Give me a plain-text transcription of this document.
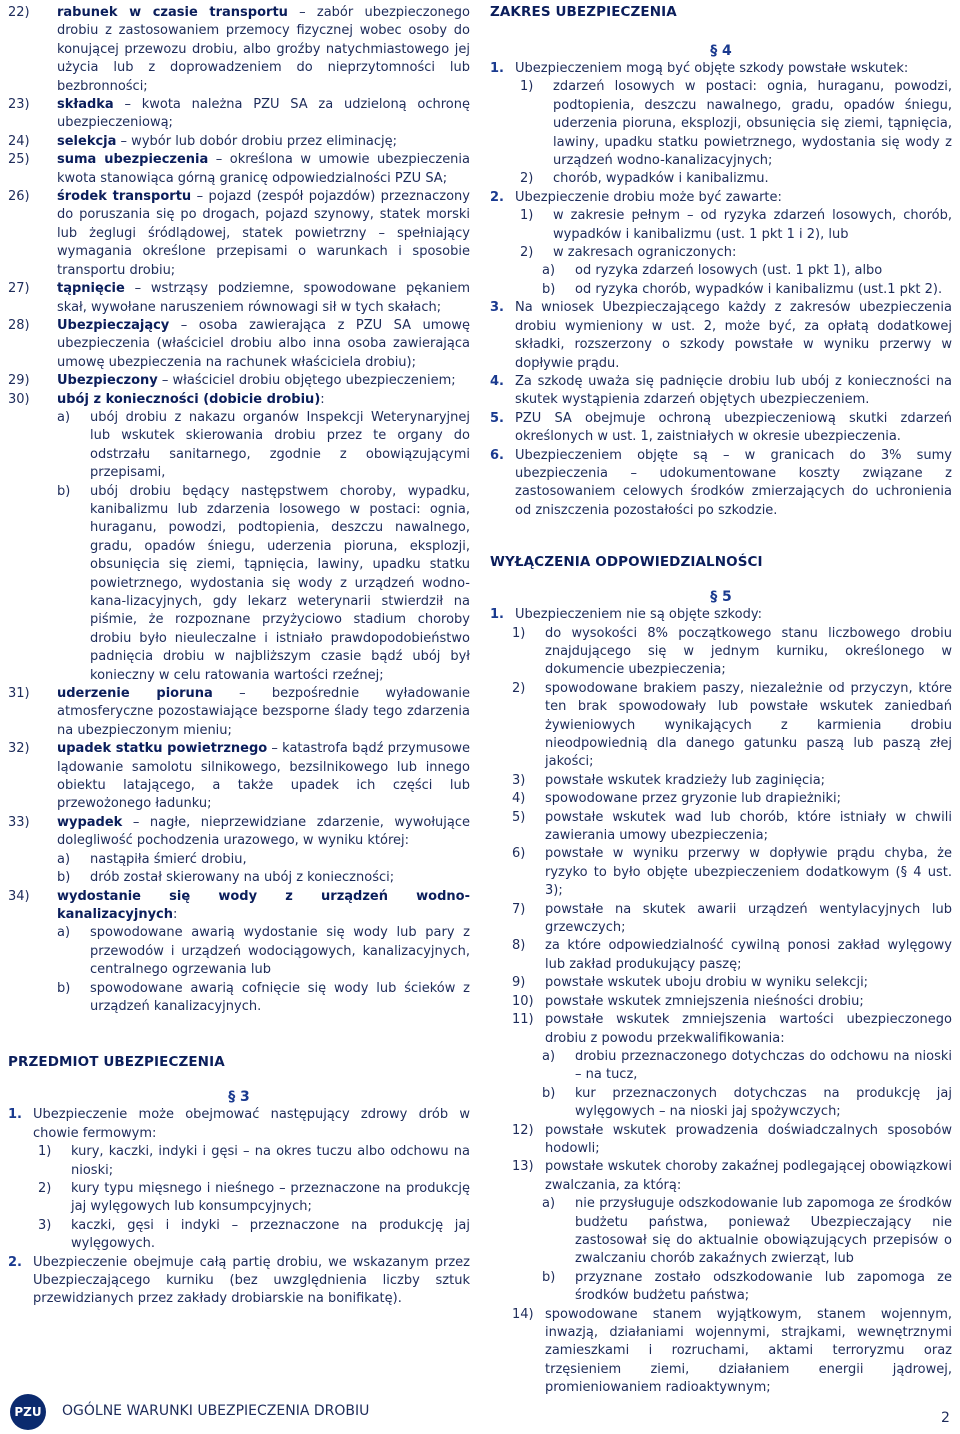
22)	rabunek w czasie transportu – zabór ubezpieczonego drobiu z zastosowaniem przemocy fizycznej wobec osoby do konującej przewozu drobiu, albo groźby natychmiastowego jej użycia lub z doprowadzeniem do nieprzytomności lub bezbronności;
23)	składka – kwota należna PZU SA za udzieloną ochronę ubezpieczeniową;
24)	selekcja – wybór lub dobór drobiu przez eliminację;
25)	suma ubezpieczenia – określona w umowie ubezpieczenia kwota stanowiąca górną granicę odpowiedzialności PZU SA;
26)	środek transportu – pojazd (zespół pojazdów) przeznaczony do poruszania się po drogach, pojazd szynowy, statek morski lub żeglugi śródlądowej, statek powietrzny – spełniający wymagania określone przepisami o warunkach i sposobie transportu drobiu;
27)	tąpnięcie – wstrząsy podziemne, spowodowane pękaniem skał, wywołane naruszeniem równowagi sił w tych skałach;
28)	Ubezpieczający – osoba zawierająca z PZU SA umowę ubezpieczenia (właściciel drobiu albo inna osoba zawierająca umowę ubezpieczenia na rachunek właściciela drobiu);
29)	Ubezpieczony – właściciel drobiu objętego ubezpieczeniem;
30)	ubój z konieczności (dobicie drobiu):
a)	ubój drobiu z nakazu organów Inspekcji Weterynaryjnej lub wskutek skierowania drobiu przez te organy do odstrzału sanitarnego, zgodnie z obowiązującymi przepisami,
b)	ubój drobiu będący następstwem choroby, wypadku, kanibalizmu lub zdarzenia losowego w postaci: ognia, huraganu, powodzi, podtopienia, deszczu nawalnego, gradu, opadów śniegu, uderzenia pioruna, eksplozji, obsunięcia się ziemi, tąpnięcia, lawiny, upadku statku powietrznego, wydostania się wody z urządzeń wodno-kana-lizacyjnych, gdy lekarz weterynarii stwierdził na piśmie, że rozpoznane przyżyciowo stadium choroby drobiu było nieuleczalne i istniało prawdopodobieństwo padnięcia drobiu w najbliższym czasie bądź ubój był konieczny w celu ratowania wartości rzeźnej;
31)	uderzenie pioruna – bezpośrednie wyładowanie atmosferyczne pozostawiające bezsporne ślady tego zdarzenia na ubezpieczonym mieniu;
32)	upadek statku powietrznego – katastrofa bądź przymusowe lądowanie samolotu silnikowego, bezsilnikowego lub innego obiektu latającego, a także upadek ich części lub przewożonego ładunku;
33)	wypadek – nagłe, nieprzewidziane zdarzenie, wywołujące dolegliwość pochodzenia urazowego, w wyniku której:
a)	nastąpiła śmierć drobiu,
b)	drób został skierowany na ubój z konieczności;
34)	wydostanie się wody z urządzeń wodno-kanalizacyjnych:
a)	spowodowane awarią wydostanie się wody lub pary z przewodów i urządzeń wodociągowych, kanalizacyjnych, centralnego ogrzewania lub
b)	spowodowane awarią cofnięcie się wody lub ścieków z urządzeń kanalizacyjnych.
PRZEDMIOT UBEZPIECZENIA
§ 3
1. Ubezpieczenie może obejmować następujący zdrowy drób w chowie fermowym:
1)	kury, kaczki, indyki i gęsi – na okres tuczu albo odchowu na nioski;
2)	kury typu mięsnego i nieśnego – przeznaczone na produkcję jaj wylęgowych lub konsumpcyjnych;
3)	kaczki, gęsi i indyki – przeznaczone na produkcję jaj wylęgowych.
2. Ubezpieczenie obejmuje całą partię drobiu, we wskazanym przez Ubezpieczającego kurniku (bez uwzględnienia liczby sztuk przewidzianych przez zakłady drobiarskie na bonifikatę).
ZAKRES UBEZPIECZENIA
§ 4
1. Ubezpieczeniem mogą być objęte szkody powstałe wskutek:
1)	zdarzeń losowych w postaci: ognia, huraganu, powodzi, podtopienia, deszczu nawalnego, gradu, opadów śniegu, uderzenia pioruna, eksplozji, obsunięcia się ziemi, tąpnięcia, lawiny, upadku statku powietrznego, wydostania się wody z urządzeń wodno-kanalizacyjnych;
2)	chorób, wypadków i kanibalizmu.
2. Ubezpieczenie drobiu może być zawarte:
1)	w zakresie pełnym – od ryzyka zdarzeń losowych, chorób, wypadków i kanibalizmu (ust. 1 pkt 1 i 2), lub
2)	w zakresach ograniczonych:
a)	od ryzyka zdarzeń losowych (ust. 1 pkt 1), albo
b)	od ryzyka chorób, wypadków i kanibalizmu (ust.1 pkt 2).
3. Na wniosek Ubezpieczającego każdy z zakresów ubezpieczenia drobiu wymieniony w ust. 2, może być, za opłatą dodatkowej składki, rozszerzony o szkody powstałe w wyniku przerwy w dopływie prądu.
4. Za szkodę uważa się padnięcie drobiu lub ubój z konieczności na skutek wystąpienia zdarzeń objętych ubezpieczeniem.
5. PZU SA obejmuje ochroną ubezpieczeniową skutki zdarzeń określonych w ust. 1, zaistniałych w okresie ubezpieczenia.
6. Ubezpieczeniem objęte są – w granicach do 3% sumy ubezpieczenia – udokumentowane koszty związane z zastosowaniem celowych środków zmierzających do uchronienia od zniszczenia pozostałości po szkodzie.
WYŁĄCZENIA ODPOWIEDZIALNOŚCI
§ 5
1. Ubezpieczeniem nie są objęte szkody:
1)	do wysokości 8% początkowego stanu liczbowego drobiu znajdującego się w jednym kurniku, określonego w dokumencie ubezpieczenia;
2)	spowodowane brakiem paszy, niezależnie od przyczyn, które ten brak spowodowały lub powstałe wskutek zaniedbań żywieniowych wynikających z karmienia drobiu nieodpowiednią dla danego gatunku paszą lub paszą złej jakości;
3)	powstałe wskutek kradzieży lub zaginięcia;
4)	spowodowane przez gryzonie lub drapieżniki;
5)	powstałe wskutek wad lub chorób, które istniały w chwili zawierania umowy ubezpieczenia;
6)	powstałe w wyniku przerwy w dopływie prądu chyba, że ryzyko to było objęte ubezpieczeniem dodatkowym (§ 4 ust. 3);
7)	powstałe na skutek awarii urządzeń wentylacyjnych lub grzewczych;
8)	za które odpowiedzialność cywilną ponosi zakład wylęgowy lub zakład produkujący paszę;
9)	powstałe wskutek uboju drobiu w wyniku selekcji;
10) powstałe wskutek zmniejszenia nieśności drobiu;
11) powstałe wskutek zmniejszenia wartości ubezpieczonego drobiu z powodu przekwalifikowania:
a)	drobiu przeznaczonego dotychczas do odchowu na nioski – na tucz,
b)	kur przeznaczonych dotychczas na produkcję jaj wylęgowych – na nioski jaj spożywczych;
12) powstałe wskutek prowadzenia doświadczalnych sposobów hodowli;
13) powstałe wskutek choroby zakaźnej podlegającej obowiązkowi zwalczania, za którą:
a)	nie przysługuje odszkodowanie lub zapomoga ze środków budżetu państwa, ponieważ Ubezpieczający nie zastosował się do aktualnie obowiązujących przepisów o zwalczaniu chorób zakaźnych zwierząt, lub
b)	przyznane zostało odszkodowanie lub zapomoga ze środków budżetu państwa;
14) spowodowane stanem wyjątkowym, stanem wojennym, inwazją, działaniami wojennymi, strajkami, wewnętrznymi zamieszkami i rozruchami, aktami terroryzmu oraz trzęsieniem ziemi, działaniem energii jądrowej, promieniowaniem radioaktywnym;
PZU OGÓLNE WARUNKI UBEZPIECZENIA DROBIU	2
